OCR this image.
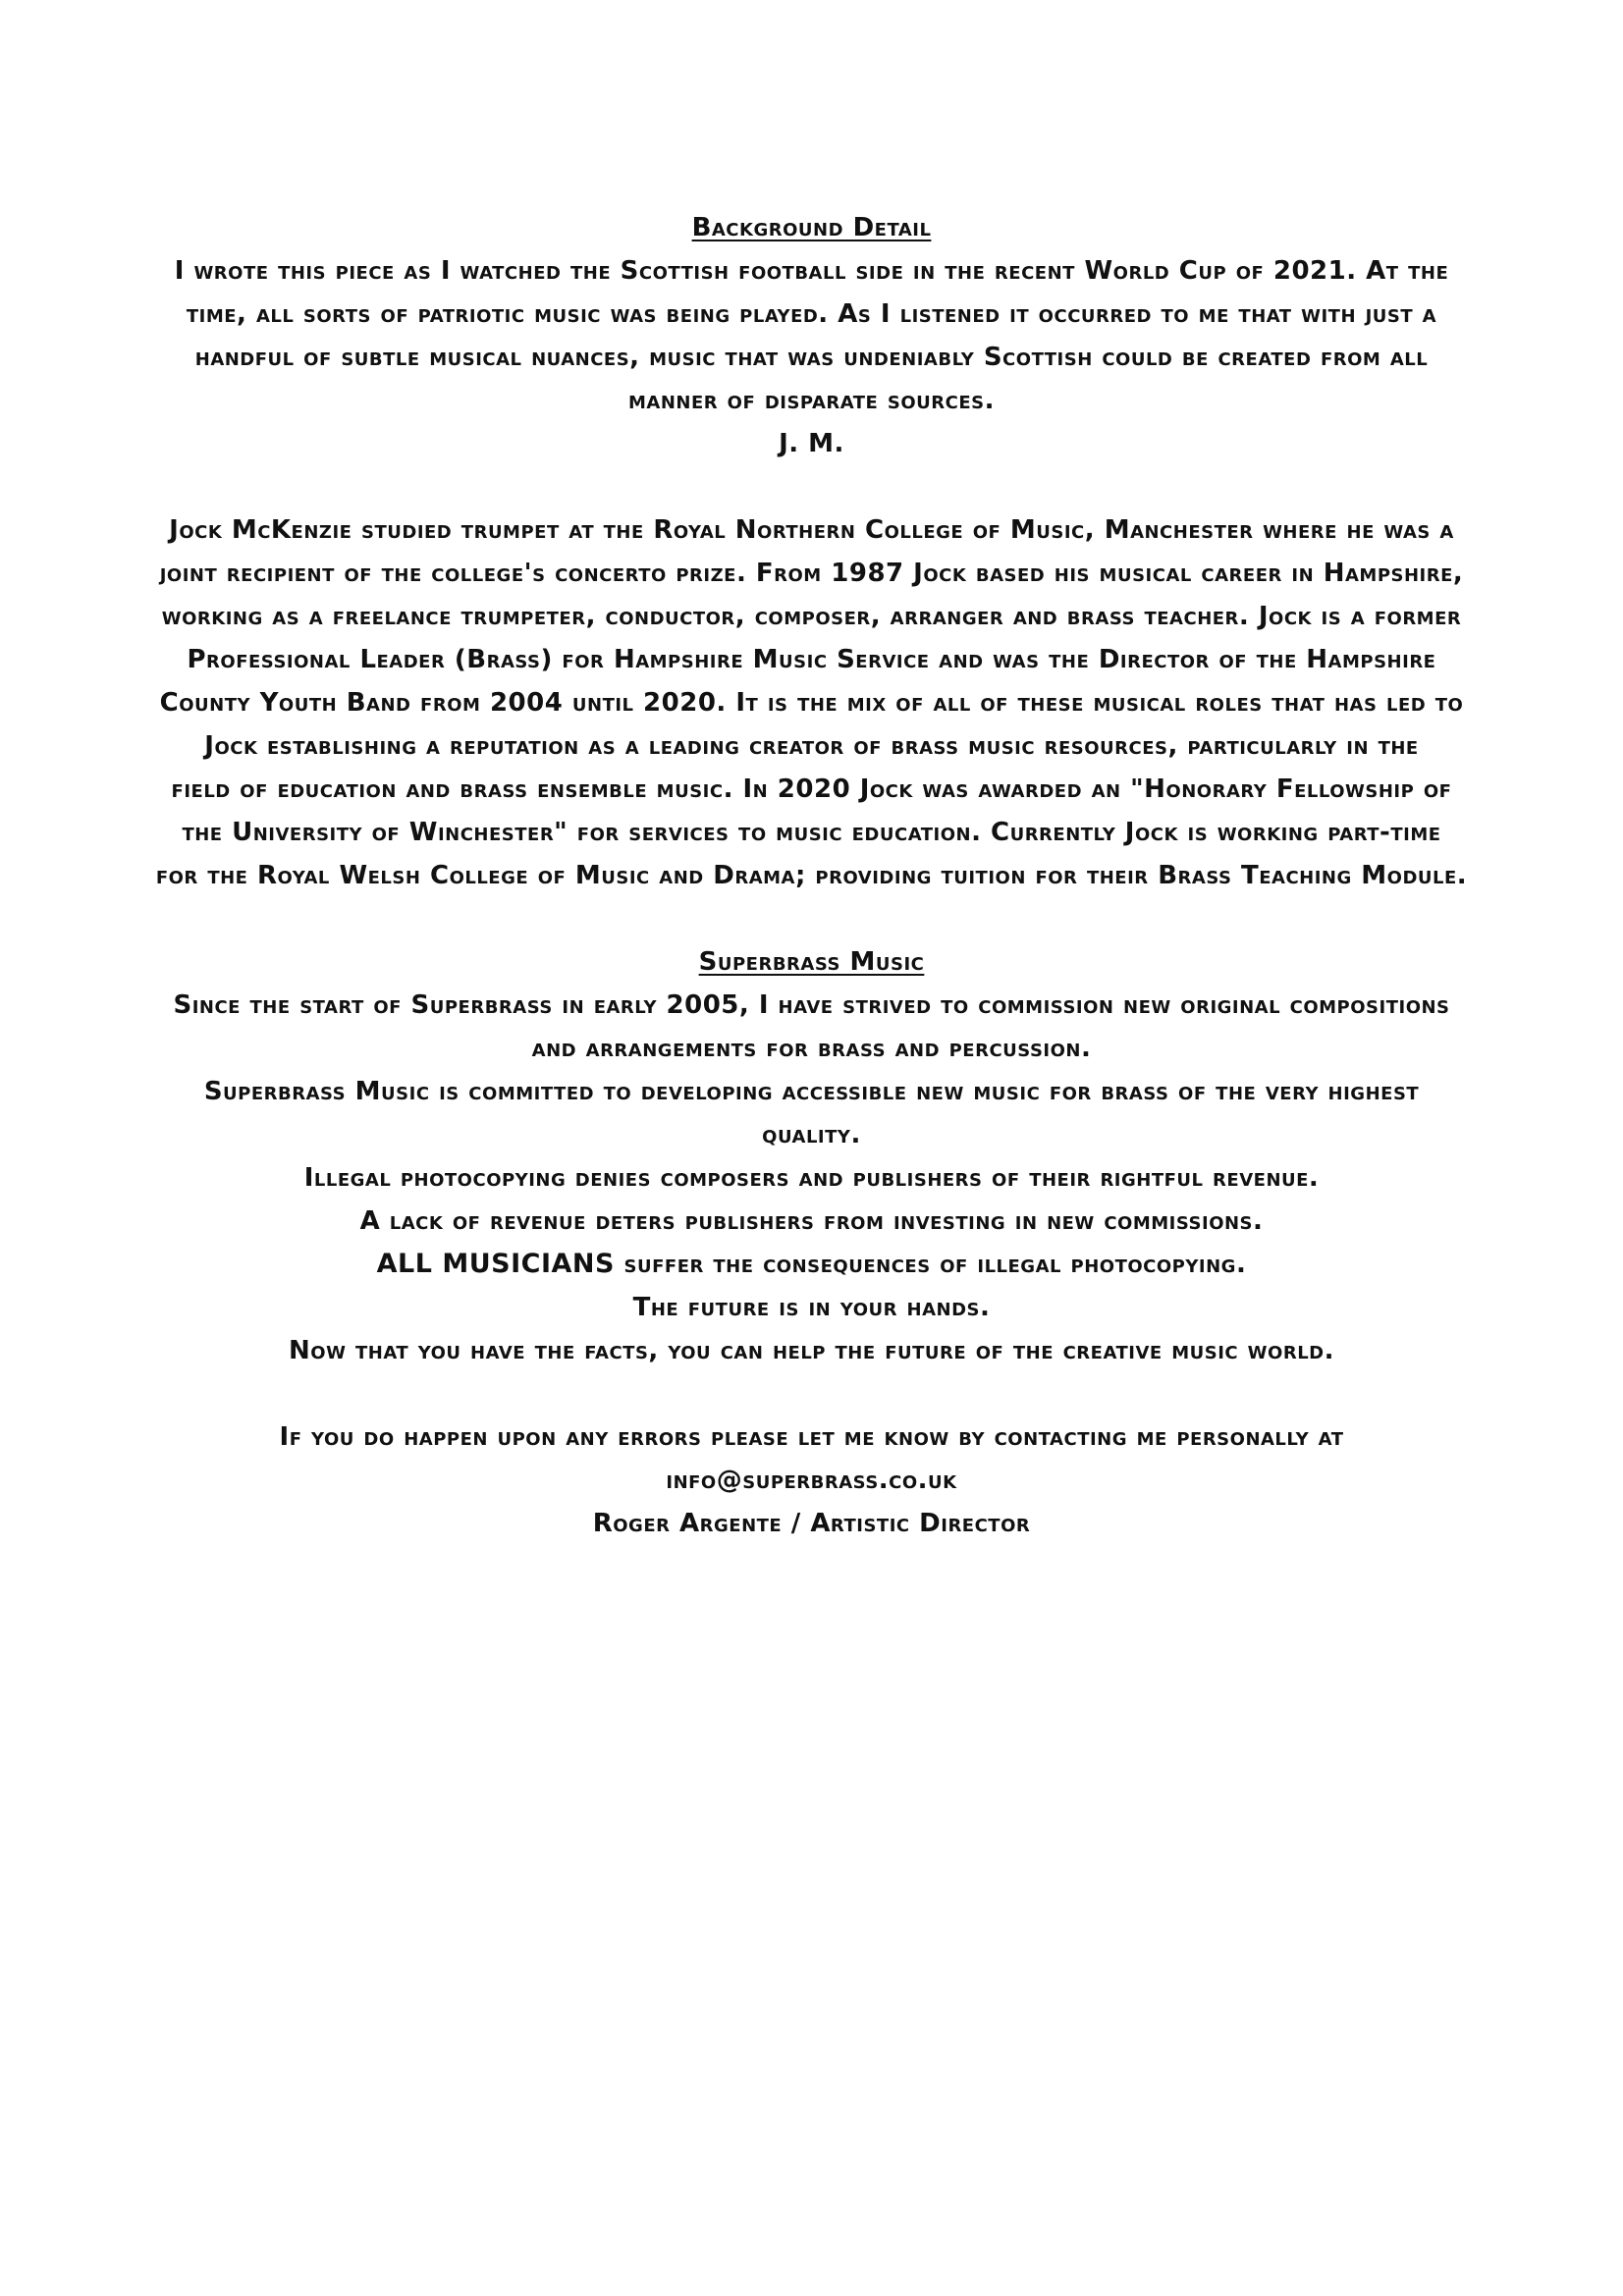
Background Detail
I wrote this piece as I watched the Scottish football side in the recent World Cup of 2021. At the
time, all sorts of patriotic music was being played. As I listened it occurred to me that with just a
handful of subtle musical nuances, music that was undeniably Scottish could be created from all
manner of disparate sources.
J. M.
Jock McKenzie studied trumpet at the Royal Northern College of Music, Manchester where he was a
joint recipient of the college's concerto prize. From 1987 Jock based his musical career in Hampshire,
working as a freelance trumpeter, conductor, composer, arranger and brass teacher. Jock is a former
Professional Leader (Brass) for Hampshire Music Service and was the Director of the Hampshire
County Youth Band from 2004 until 2020. It is the mix of all of these musical roles that has led to
Jock establishing a reputation as a leading creator of brass music resources, particularly in the
field of education and brass ensemble music. In 2020 Jock was awarded an "Honorary Fellowship of
the University of Winchester" for services to music education. Currently Jock is working part-time
for the Royal Welsh College of Music and Drama; providing tuition for their Brass Teaching Module.
Superbrass Music
Since the start of Superbrass in early 2005, I have strived to commission new original compositions
and arrangements for brass and percussion.
Superbrass Music is committed to developing accessible new music for brass of the very highest
quality.
Illegal photocopying denies composers and publishers of their rightful revenue.
A lack of revenue deters publishers from investing in new commissions.
ALL MUSICIANS suffer the consequences of illegal photocopying.
The future is in your hands.
Now that you have the facts, you can help the future of the creative music world.
If you do happen upon any errors please let me know by contacting me personally at
info@superbrass.co.uk
Roger Argente / Artistic Director
